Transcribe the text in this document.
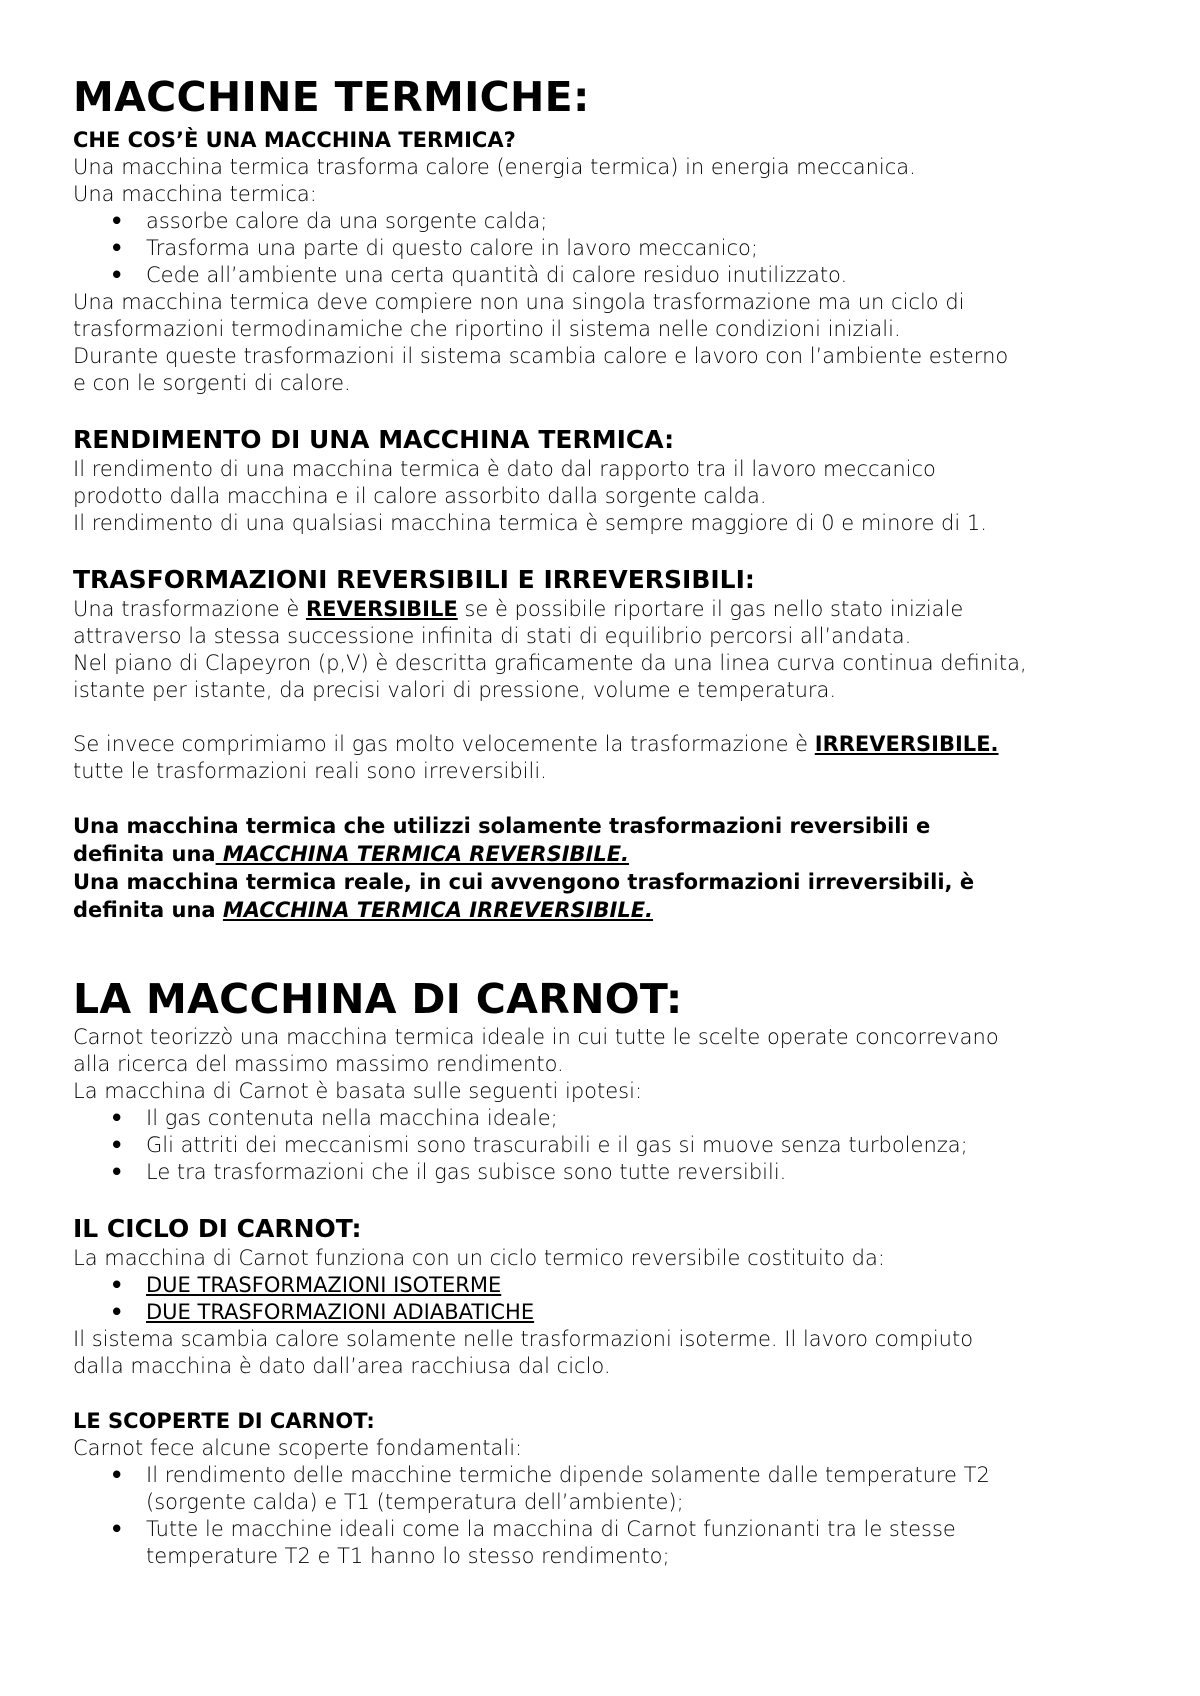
MACCHINE TERMICHE:
CHE COS’È UNA MACCHINA TERMICA?

Una macchina termica trasforma calore (energia termica) in energia meccanica.

Una macchina termica:

• assorbe calore da una sorgente calda;
• Trasforma una parte di questo calore in lavoro meccanico;
• Cede all’ambiente una certa quantità di calore residuo inutilizzato.

Una macchina termica deve compiere non una singola trasformazione ma un ciclo di

trasformazioni termodinamiche che riportino il sistema nelle condizioni iniziali.

Durante queste trasformazioni il sistema scambia calore e lavoro con l’ambiente esterno

e con le sorgenti di calore.

RENDIMENTO DI UNA MACCHINA TERMICA:

Il rendimento di una macchina termica è dato dal rapporto tra il lavoro meccanico

prodotto dalla macchina e il calore assorbito dalla sorgente calda.

Il rendimento di una qualsiasi macchina termica è sempre maggiore di 0 e minore di 1.

TRASFORMAZIONI REVERSIBILI E IRREVERSIBILI:

Una trasformazione è REVERSIBILE se è possibile riportare il gas nello stato iniziale

attraverso la stessa successione infinita di stati di equilibrio percorsi all’andata.

Nel piano di Clapeyron (p,V) è descritta graficamente da una linea curva continua definita,

istante per istante, da precisi valori di pressione, volume e temperatura.

Se invece comprimiamo il gas molto velocemente la trasformazione è IRREVERSIBILE.

tutte le trasformazioni reali sono irreversibili.

Una macchina termica che utilizzi solamente trasformazioni reversibili e

definita una MACCHINA TERMICA REVERSIBILE.

Una macchina termica reale, in cui avvengono trasformazioni irreversibili, è

definita una MACCHINA TERMICA IRREVERSIBILE.

LA MACCHINA DI CARNOT:

Carnot teorizzò una macchina termica ideale in cui tutte le scelte operate concorrevano

alla ricerca del massimo massimo rendimento.

La macchina di Carnot è basata sulle seguenti ipotesi:

• Il gas contenuta nella macchina ideale;
• Gli attriti dei meccanismi sono trascurabili e il gas si muove senza turbolenza;
• Le tra trasformazioni che il gas subisce sono tutte reversibili.
IL CICLO DI CARNOT:

La macchina di Carnot funziona con un ciclo termico reversibile costituito da:

• DUE TRASFORMAZIONI ISOTERME
• DUE TRASFORMAZIONI ADIABATICHE

Il sistema scambia calore solamente nelle trasformazioni isoterme. Il lavoro compiuto

dalla macchina è dato dall’area racchiusa dal ciclo.

LE SCOPERTE DI CARNOT:

Carnot fece alcune scoperte fondamentali:

• Il rendimento delle macchine termiche dipende solamente dalle temperature T2
(sorgente calda) e T1 (temperatura dell’ambiente);
• Tutte le macchine ideali come la macchina di Carnot funzionanti tra le stesse
temperature T2 e T1 hanno lo stesso rendimento;
